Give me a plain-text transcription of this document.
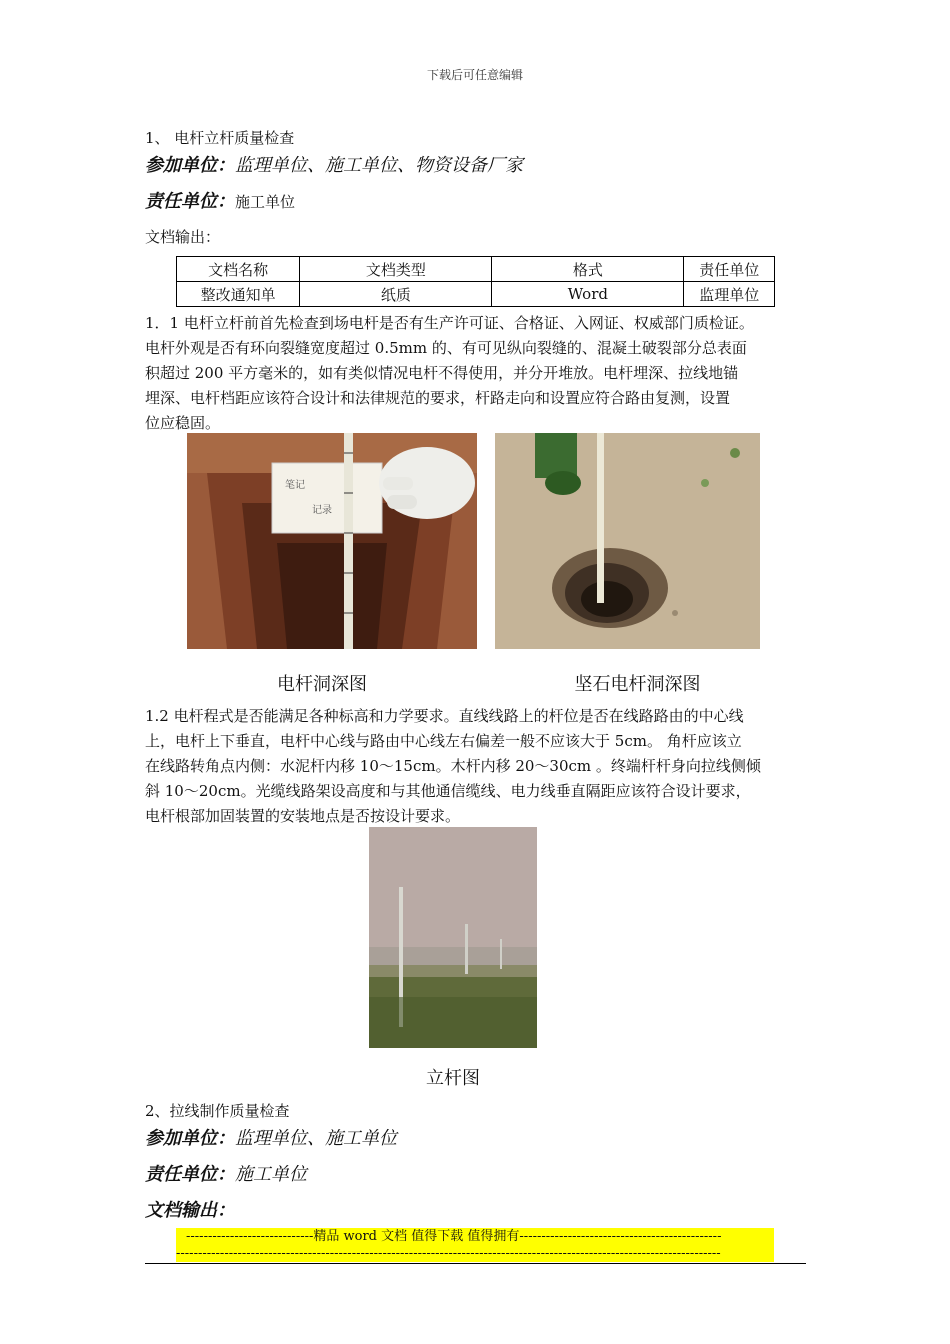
下载后可任意编辑
1、 电杆立杆质量检查
参加单位：监理单位、施工单位、物资设备厂家
责任单位：施工单位
文档输出：
文档名称	文档类型	格式	责任单位
整改通知单	纸质	Word	监理单位
1．1 电杆立杆前首先检查到场电杆是否有生产许可证、合格证、入网证、权威部门质检证。
电杆外观是否有环向裂缝宽度超过 0.5mm 的、有可见纵向裂缝的、混凝土破裂部分总表面
积超过 200 平方毫米的，如有类似情况电杆不得使用，并分开堆放。电杆埋深、拉线地锚
埋深、电杆档距应该符合设计和法律规范的要求，杆路走向和设置应符合路由复测，设置
位应稳固。
笔记
记录
电杆洞深图	坚石电杆洞深图
1.2 电杆程式是否能满足各种标高和力学要求。直线线路上的杆位是否在线路路由的中心线
上，电杆上下垂直，电杆中心线与路由中心线左右偏差一般不应该大于 5cm。 角杆应该立
在线路转角点内侧：水泥杆内移 10～15cm。木杆内移 20～30cm 。终端杆杆身向拉线侧倾
斜 10～20cm。光缆线路架设高度和与其他通信缆线、电力线垂直隔距应该符合设计要求，
电杆根部加固装置的安装地点是否按设计要求。
立杆图
2、拉线制作质量检查
参加单位：监理单位、施工单位
责任单位：施工单位
文档输出：
-----------------------------精品 word 文档 值得下载 值得拥有----------------------------------------------
----------------------------------------------------------------------------------------------------------------------------
